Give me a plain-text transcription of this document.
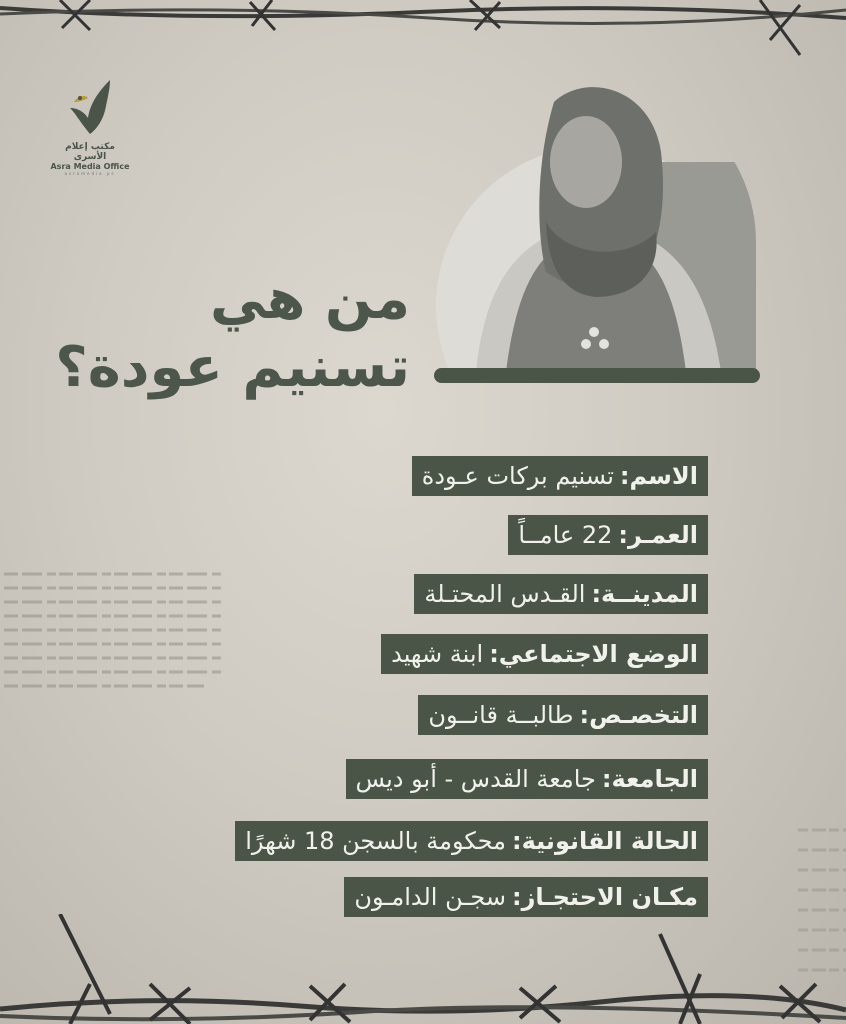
مكتب إعلام الأسرى
Asra Media Office
asramedia.ps
من هي
تسنيم عودة؟
الاسم:
تسنيم بركات عـودة
العمـر:
22 عامــاً
المدينــة:
القـدس المحتـلة
الوضع الاجتماعي:
ابنة شهيد
التخصـص:
طالبــة قانــون
الجامعة:
جامعة القدس - أبو ديس
الحالة القانونية:
محكومة بالسجن 18 شهرًا
مكـان الاحتجـاز:
سجـن الدامـون
